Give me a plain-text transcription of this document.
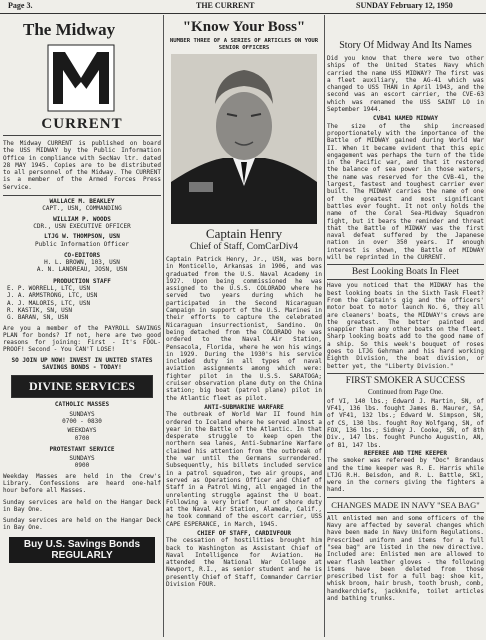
Page 3.	THE CURRENT	SUNDAY February 12, 1950
The Midway
CURRENT

The Midway CURRENT is published on board the USS MIDWAY by the Public Information Office in compliance with SecNav ltr. dated 28 MAY 1945. Copies are to be distributed to all personnel of the Midway. The CURRENT is a member of the Armed Forces Press Service.

WALLACE M. BEAKLEY
CAPT., USN, COMMANDING
WILLIAM P. WOODS
CDR., USN EXECUTIVE OFFICER
LTJG W. THOMPSON, USN
Public Information Officer
CO-EDITORS
H. L. BROWN, 103, USN
A. N. LANDREAU, JOSN, USN
PRODUCTION STAFF
E. P. WORRELL, LTC, USN
J. A. ARMSTRONG, LTC, USN
A. J. MALORIS, LTC, USN
R. KASTIK, SN, USN
G. BARAN, SN, USN

Are you a member of the PAYROLL SAVINGS PLAN for bonds? If not, here are two good reasons for joining: First - It's FOOL-PROOF! Second - You CAN'T LOSE!

SO JOIN UP NOW! INVEST IN UNITED STATES SAVINGS BONDS - TODAY!

DIVINE SERVICES
CATHOLIC MASSES
SUNDAYS
0700 - 0830
WEEKDAYS
0700
PROTESTANT SERVICE
SUNDAYS
0900

Weekday Masses are held in the Crew's Library. Confessions are heard one-half hour before all Masses.

Sunday services are held on the Hangar Deck in Bay One.

Sunday services are held on the Hangar Deck in Bay One.

Buy U.S. Savings Bonds
REGULARLY
"Know Your Boss"

NUMBER THREE OF A SERIES OF ARTICLES ON YOUR SENIOR OFFICERS

Captain Henry
Chief of Staff, ComCarDiv4

Captain Patrick Henry, Jr., USN, was born in Monticello, Arkansas in 1906, and was graduated from the U.S. Naval Academy in 1927. Upon being commissioned he was assigned to the U.S.S. COLORADO where he served two years during which he participated in the Second Nicaraguan Campaign in support of the U.S. Marines in their efforts to capture the celebrated Nicaraguan insurrectionist, Sandino. On being detached from the COLORADO he was ordered to the Naval Air Station, Pensacola, Florida, where he won his wings in 1929. During the 1930's his service included duty in all types of naval aviation assignments among which were: fighter pilot in the U.S.S. SARATOGA; cruiser observation plane duty on the China station; big boat (patrol plane) pilot in the Atlantic fleet as pilot.

ANTI-SUBMARINE WARFARE

The outbreak of World War II found him ordered to Iceland where he served almost a year in the Battle of the Atlantic. In that desperate struggle to keep open the northern sea lanes, Anti-Submarine Warfare claimed his attention from the outbreak of the war until the Germans surrendered. Subsequently, his billets included service in a patrol squadron, two air groups, and served as Operations Officer and Chief of Staff in a Patrol Wing, all engaged in the unrelenting struggle against the U boat. Following a very brief tour of shore duty at the Naval Air Station, Alameda, Calif., he took command of the escort carrier, USS CAPE ESPERANCE, in March, 1945.

CHIEF OF STAFF, CARDIVFOUR

The cessation of hostilities brought him back to Washington as Assistant Chief of Naval Intelligence for Aviation. He attended the National War College at Newport, R.I., as senior student and he is presently Chief of Staff, Commander Carrier Division FOUR.

Story Of Midway And Its Names

Did you know that there were two other ships of the United States Navy which carried the name USS MIDWAY? The first was a fleet auxiliary, the AG-41 which was changed to USS THAN in April 1943, and the second was an escort carrier, the CVE-63 which was renamed the USS SAINT LO in September 1944.

CVB41 NAMED MIDWAY

The size of the ship increased proportionately with the importance of the Battle of MIDWAY gained during World War II. When it became evident that this epic engagement was perhaps the turn of the tide in the Pacific war, and that it restored the balance of sea power in those waters, the name was reserved for the CVB-41, the largest, fastest and toughest carrier ever built. The MIDWAY carries the name of one of the greatest and most significant battles ever fought. It not only holds the name of the Coral Sea-Midway Squadron fight, but it bears the reminder and threat that the Battle of MIDWAY was the first naval defeat suffered by the Japanese nation in over 350 years. If enough interest is shown, the Battle of MIDWAY will be reprinted in the CURRENT.

Best Looking Boats In Fleet

Have you noticed that the MIDWAY has the best looking boats in the Sixth Task Fleet? From the Captain's gig and the officers' motor boat to motor launch No. 6, they all are cleaners' boats, the MIDWAY's crews are the greatest. The better painted and snappier than any other boats on the fleet. Sharp looking boats add to the good name of a ship. So this week's bouquet of roses goes to LTJG Gehrman and his hard working Eighth Division, the boat division, or better yet, the "Liberty Division."

FIRST SMOKER A SUCCESS
Continued from Page One.

of VI, 140 lbs.; Edward J. Martin, SN, of VF41, 136 lbs. fought James B. Maurer, SA, of VF41, 132 lbs.; Edward W. Simpson, SN, of CS, 130 lbs. fought Roy Wolfgang, SN, of FOX, 136 lbs.; Sidney J. Cooke, SN, of 8th Div., 147 lbs. fought Puncho Augustin, AN, of B1, 147 lbs.

REFEREE AND TIME KEEPER

The smoker was refereed by "Doc" Brandaus and the time keeper was R. E. Harris while LTJG R.H. Beisdon, and R. L. Battle, SK1, were in the corners giving the fighters a hand.

CHANGES MADE IN NAVY "SEA BAG"

All enlisted men and some officers of the Navy are affected by several changes which have been made in Navy Uniform Regulations. Prescribed uniform and items for a full "sea bag" are listed in the new directive. Included are: Enlisted men are allowed to wear flash leather gloves - the following items have been deleted from those prescribed list for a full bag: shoe kit, whisk broom, hair brush, tooth brush, comb, handkerchiefs, jackknife, toilet articles and bathing trunks.
